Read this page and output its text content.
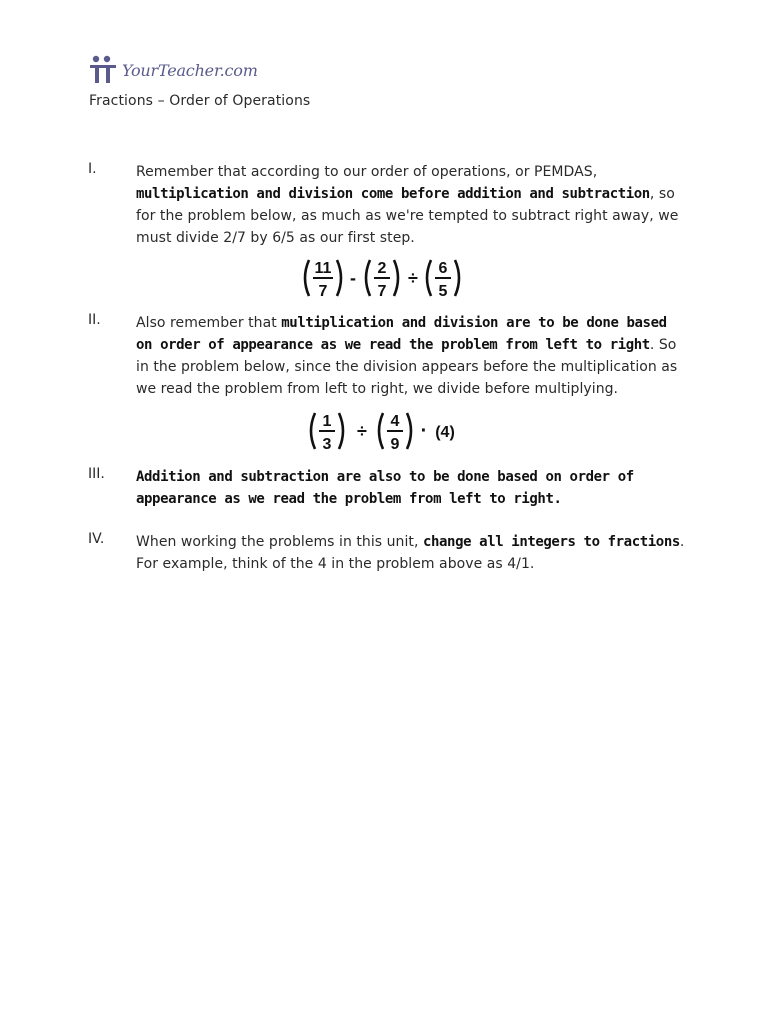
YourTeacher.com
Fractions – Order of Operations
I.	Remember that according to our order of operations, or PEMDAS, multiplication and division come before addition and subtraction, so for the problem below, as much as we're tempted to subtract right away, we must divide 2/7 by 6/5 as our first step.
11
7
- 2
7
÷ 6
5
II.	Also remember that multiplication and division are to be done based on order of appearance as we read the problem from left to right. So in the problem below, since the division appears before the multiplication as we read the problem from left to right, we divide before multiplying.
1
3
÷ 4
9
· (4)
III. Addition and subtraction are also to be done based on order of appearance as we read the problem from left to right.
IV. When working the problems in this unit, change all integers to fractions. For example, think of the 4 in the problem above as 4/1.
